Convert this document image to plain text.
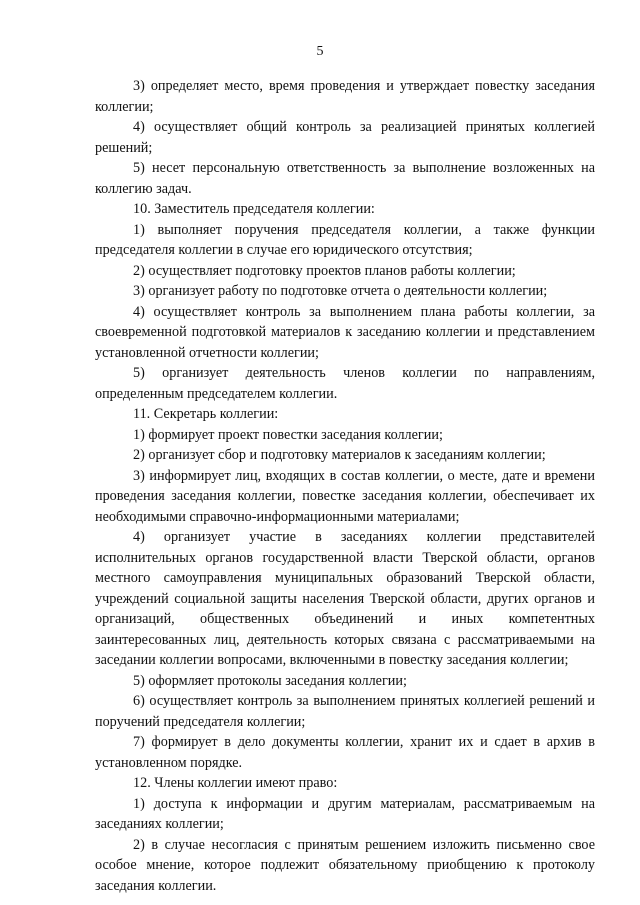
5

3) определяет место, время проведения и утверждает повестку заседания коллегии;

4) осуществляет общий контроль за реализацией принятых коллегией решений;

5) несет персональную ответственность за выполнение возложенных на коллегию задач.

10. Заместитель председателя коллегии:

1) выполняет поручения председателя коллегии, а также функции председателя коллегии в случае его юридического отсутствия;

2) осуществляет подготовку проектов планов работы коллегии;

3) организует работу по подготовке отчета о деятельности коллегии;

4) осуществляет контроль за выполнением плана работы коллегии, за своевременной подготовкой материалов к заседанию коллегии и представлением установленной отчетности коллегии;

5) организует деятельность членов коллегии по направлениям, определенным председателем коллегии.

11. Секретарь коллегии:

1) формирует проект повестки заседания коллегии;

2) организует сбор и подготовку материалов к заседаниям коллегии;

3) информирует лиц, входящих в состав коллегии, о месте, дате и времени проведения заседания коллегии, повестке заседания коллегии, обеспечивает их необходимыми справочно-информационными материалами;

4) организует участие в заседаниях коллегии представителей исполнительных органов государственной власти Тверской области, органов местного самоуправления муниципальных образований Тверской области, учреждений социальной защиты населения Тверской области, других органов и организаций, общественных объединений и иных компетентных заинтересованных лиц, деятельность которых связана с рассматриваемыми на заседании коллегии вопросами, включенными в повестку заседания коллегии;

5) оформляет протоколы заседания коллегии;

6) осуществляет контроль за выполнением принятых коллегией решений и поручений председателя коллегии;

7) формирует в дело документы коллегии, хранит их и сдает в архив в установленном порядке.

12. Члены коллегии имеют право:

1) доступа к информации и другим материалам, рассматриваемым на заседаниях коллегии;

2) в случае несогласия с принятым решением изложить письменно свое особое мнение, которое подлежит обязательному приобщению к протоколу заседания коллегии.
